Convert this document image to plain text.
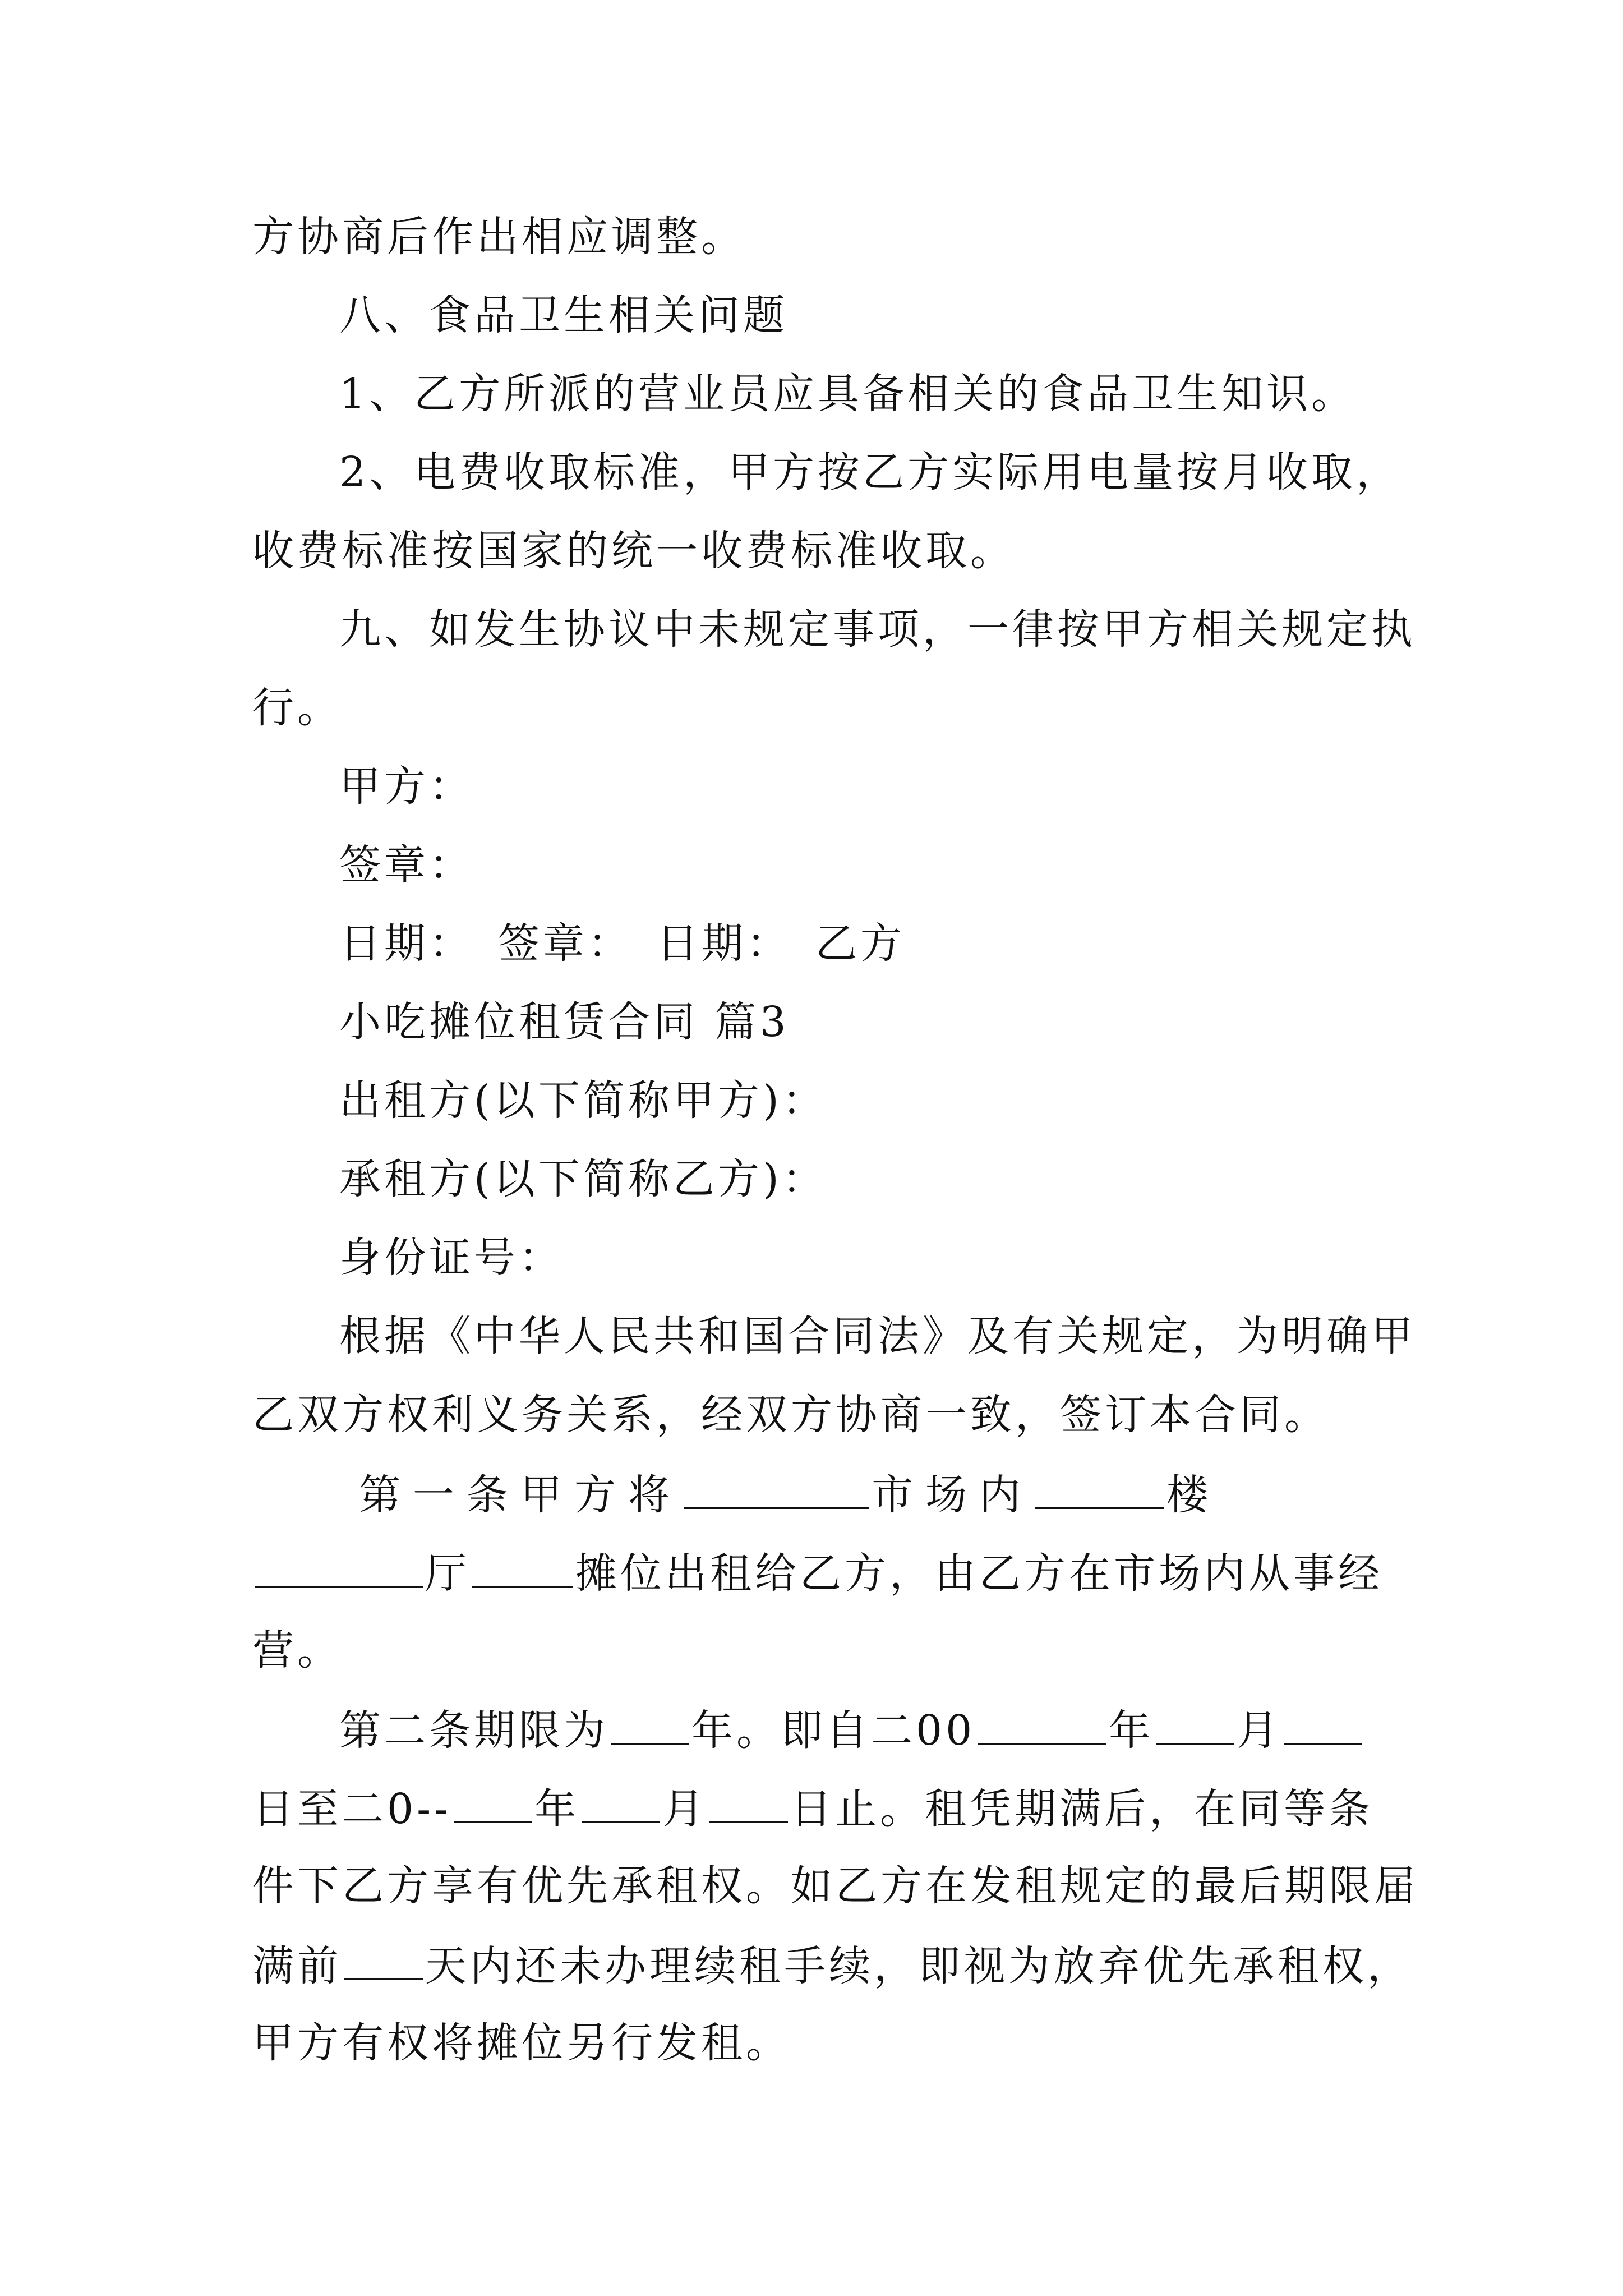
方协商后作出相应调整。
八、食品卫生相关问题
1、乙方所派的营业员应具备相关的食品卫生知识。
2、电费收取标准，甲方按乙方实际用电量按月收取，
收费标准按国家的统一收费标准收取。
九、如发生协议中未规定事项，一律按甲方相关规定执
行。
甲方：
签章：
日期：　签章：　日期：　乙方
小吃摊位租赁合同 篇3
出租方(以下简称甲方)：
承租方(以下简称乙方)：
身份证号：
根据《中华人民共和国合同法》及有关规定，为明确甲
乙双方权利义务关系，经双方协商一致，签订本合同。
第一条甲方将	市场内	楼
厅	摊位出租给乙方，由乙方在市场内从事经
营。
第二条期限为 年。即自二00	年 月
日至二0-- 年 月 日止。租凭期满后，在同等条
件下乙方享有优先承租权。如乙方在发租规定的最后期限届
满前 天内还未办理续租手续，即视为放弃优先承租权，
甲方有权将摊位另行发租。
